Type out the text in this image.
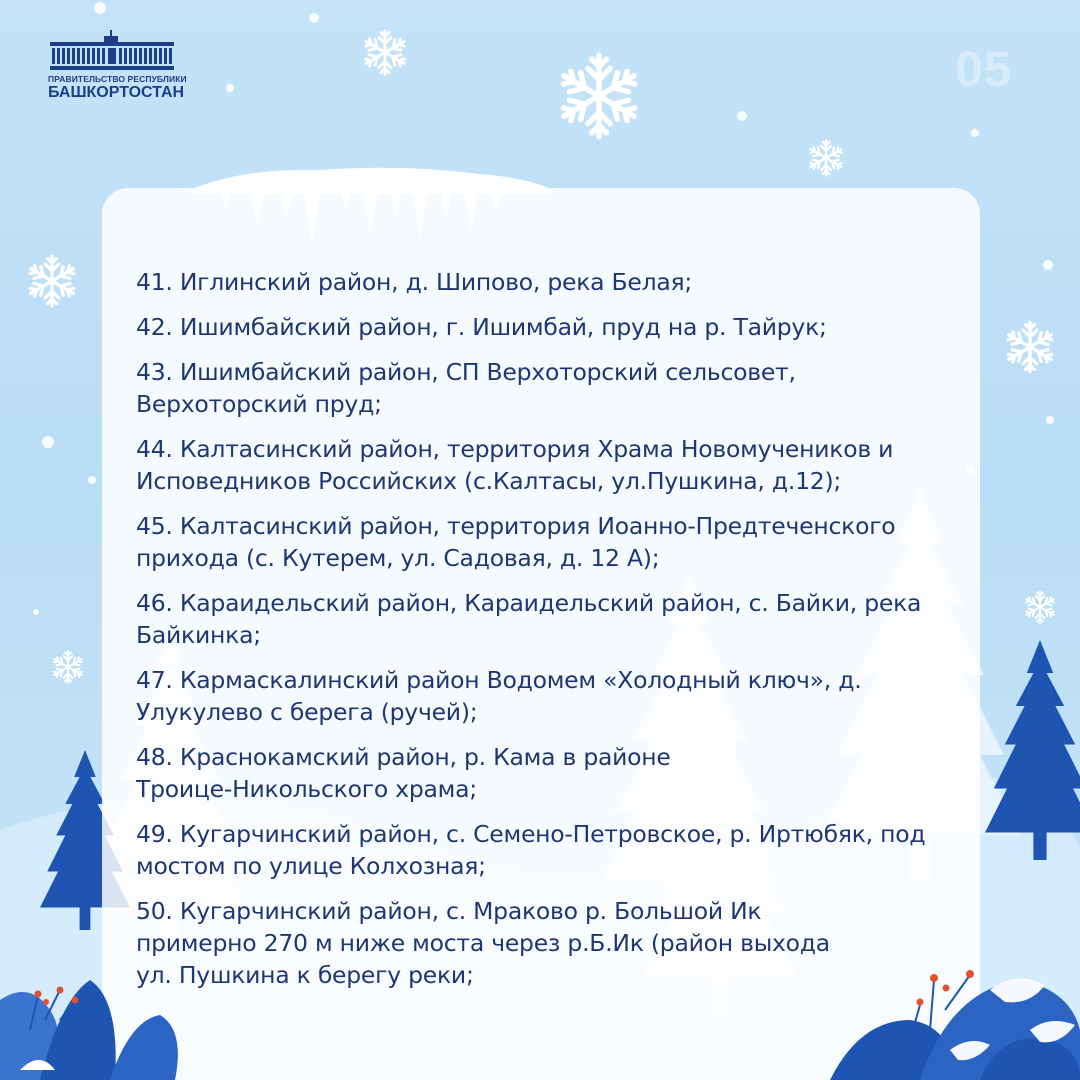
ПРАВИТЕЛЬСТВО РЕСПУБЛИКИ
БАШКОРТОСТАН	05
41. Иглинский район, д. Шипово, река Белая;
42. Ишимбайский район, г. Ишимбай, пруд на р. Тайрук;
43. Ишимбайский район, СП Верхоторский сельсовет, Верхоторский пруд;
44. Калтасинский район, территория Храма Новомучеников и Исповедников Российских (с.Калтасы, ул.Пушкина, д.12);
45. Калтасинский район, территория Иоанно-Предтеченского прихода (с. Кутерем, ул. Садовая, д. 12 А);
46. Караидельский район, Караидельский район, с. Байки, река Байкинка;
47. Кармаскалинский район Водомем «Холодный ключ», д. Улукулево с берега (ручей);
48. Краснокамский район, р. Кама в районе Троице-Никольского храма;
49. Кугарчинский район, с. Семено-Петровское, р. Иртюбяк, под мостом по улице Колхозная;
50. Кугарчинский район, с. Мраково р. Большой Ик примерно 270 м ниже моста через р.Б.Ик (район выхода ул. Пушкина к берегу реки;
